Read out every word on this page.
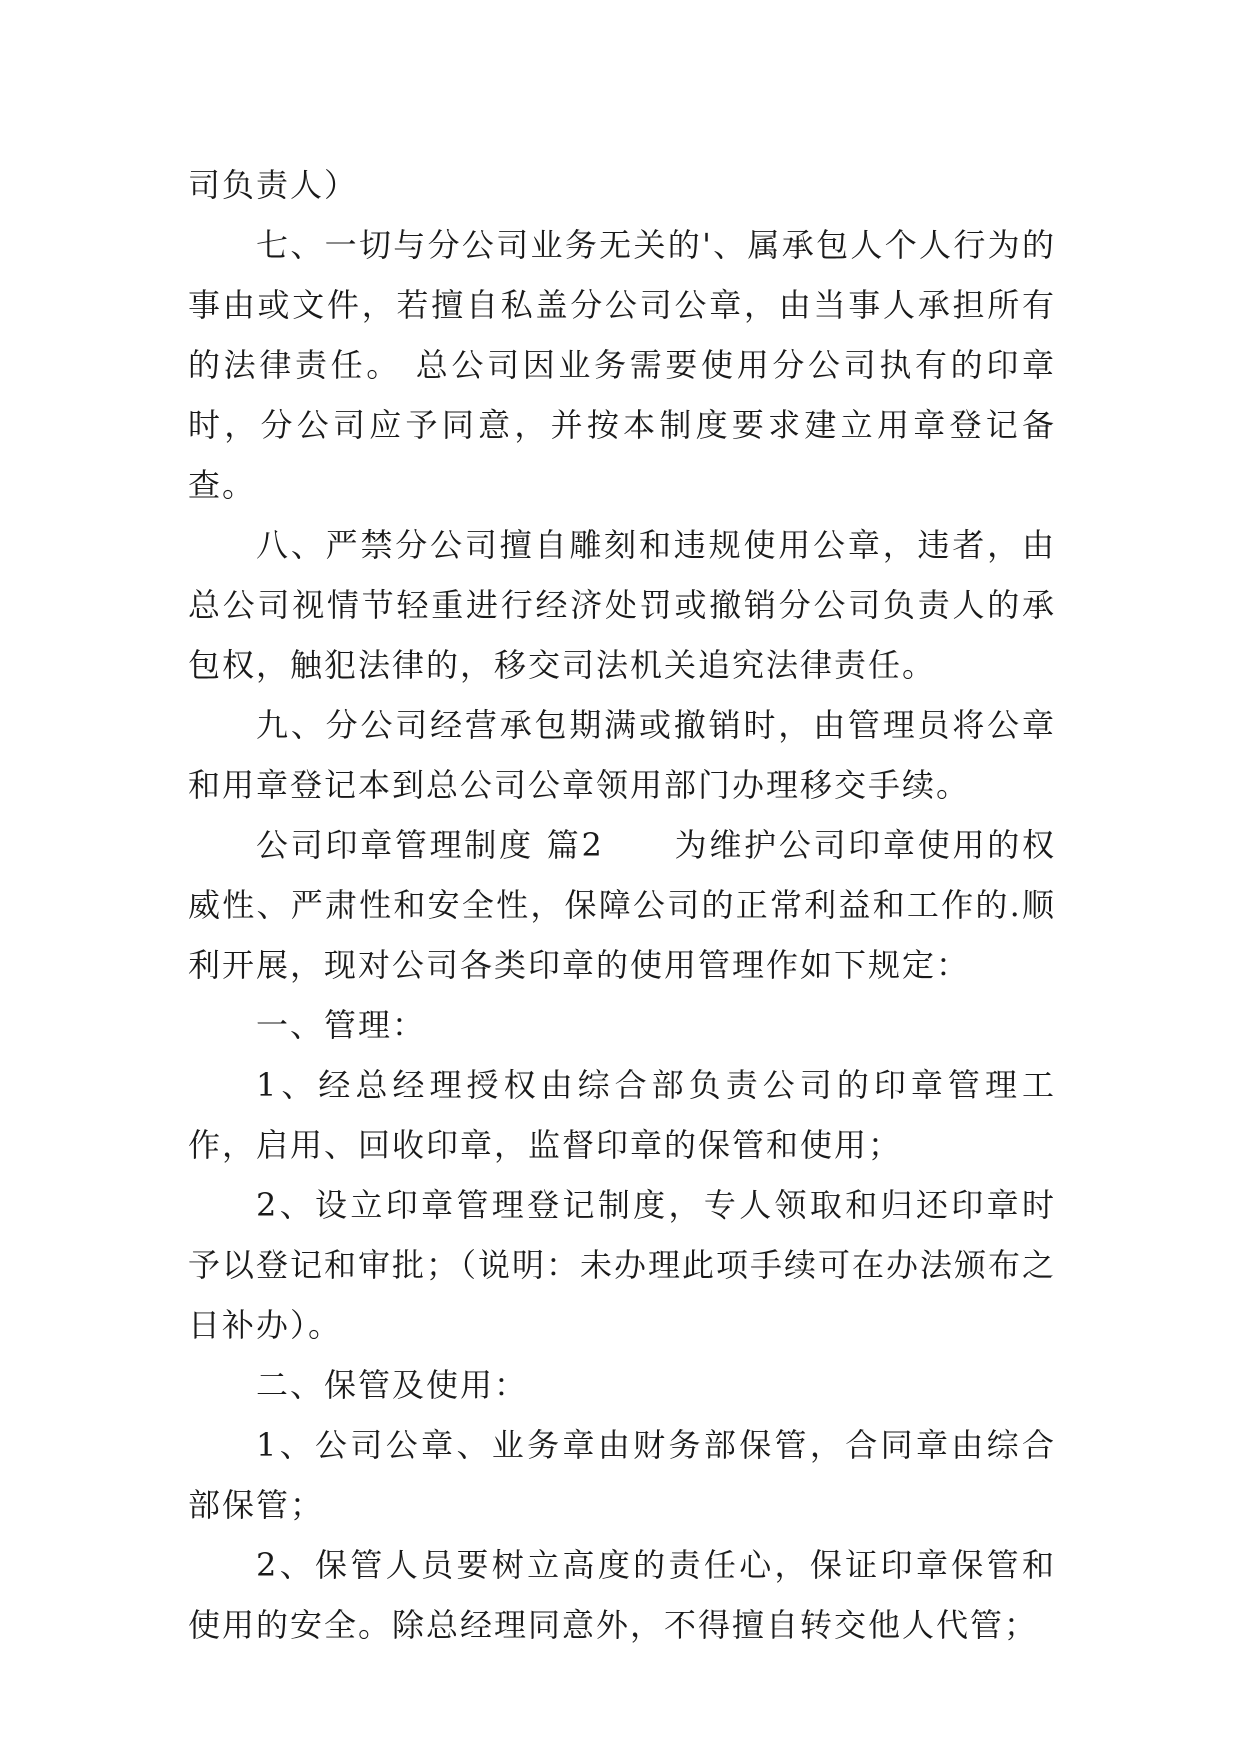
司负责人）

七、一切与分公司业务无关的'、属承包人个人行为的事由或文件，若擅自私盖分公司公章，由当事人承担所有的法律责任。 总公司因业务需要使用分公司执有的印章时，分公司应予同意，并按本制度要求建立用章登记备查。

八、严禁分公司擅自雕刻和违规使用公章，违者，由总公司视情节轻重进行经济处罚或撤销分公司负责人的承包权，触犯法律的，移交司法机关追究法律责任。

九、分公司经营承包期满或撤销时，由管理员将公章和用章登记本到总公司公章领用部门办理移交手续。

公司印章管理制度 篇2 为维护公司印章使用的权威性、严肃性和安全性，保障公司的正常利益和工作的.顺利开展，现对公司各类印章的使用管理作如下规定：

一、管理：

1、经总经理授权由综合部负责公司的印章管理工作，启用、回收印章，监督印章的保管和使用；

2、设立印章管理登记制度，专人领取和归还印章时予以登记和审批；（说明：未办理此项手续可在办法颁布之日补办）。

二、保管及使用：

1、公司公章、业务章由财务部保管，合同章由综合部保管；

2、保管人员要树立高度的责任心，保证印章保管和使用的安全。除总经理同意外，不得擅自转交他人代管；
